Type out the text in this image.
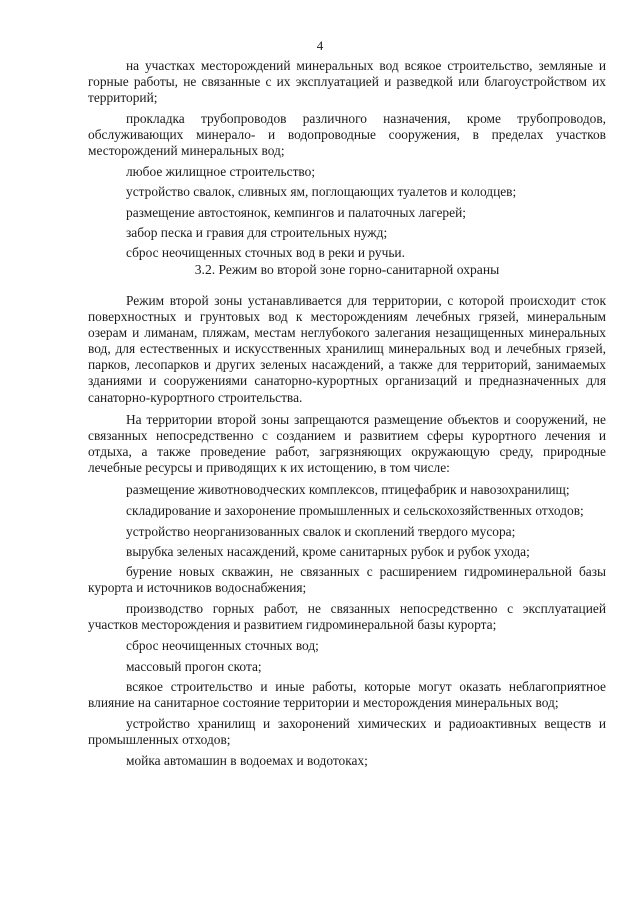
4

на участках месторождений минеральных вод всякое строительство, земляные и горные работы, не связанные с их эксплуатацией и разведкой или благоустройством их территорий;

прокладка трубопроводов различного назначения, кроме трубопроводов, обслуживающих минерало- и водопроводные сооружения, в пределах участков месторождений минеральных вод;

любое жилищное строительство;

устройство свалок, сливных ям, поглощающих туалетов и колодцев;

размещение автостоянок, кемпингов и палаточных лагерей;

забор песка и гравия для строительных нужд;

сброс неочищенных сточных вод в реки и ручьи.

3.2. Режим во второй зоне горно-санитарной охраны

Режим второй зоны устанавливается для территории, с которой происходит сток поверхностных и грунтовых вод к месторождениям лечебных грязей, минеральным озерам и лиманам, пляжам, местам неглубокого залегания незащищенных минеральных вод, для естественных и искусственных хранилищ минеральных вод и лечебных грязей, парков, лесопарков и других зеленых насаждений, а также для территорий, занимаемых зданиями и сооружениями санаторно-курортных организаций и предназначенных для санаторно-курортного строительства.

На территории второй зоны запрещаются размещение объектов и сооружений, не связанных непосредственно с созданием и развитием сферы курортного лечения и отдыха, а также проведение работ, загрязняющих окружающую среду, природные лечебные ресурсы и приводящих к их истощению, в том числе:

размещение животноводческих комплексов, птицефабрик и навозохранилищ;

складирование и захоронение промышленных и сельскохозяйственных отходов;

устройство неорганизованных свалок и скоплений твердого мусора;

вырубка зеленых насаждений, кроме санитарных рубок и рубок ухода;

бурение новых скважин, не связанных с расширением гидроминеральной базы курорта и источников водоснабжения;

производство горных работ, не связанных непосредственно с эксплуатацией участков месторождения и развитием гидроминеральной базы курорта;

сброс неочищенных сточных вод;

массовый прогон скота;

всякое строительство и иные работы, которые могут оказать неблагоприятное влияние на санитарное состояние территории и месторождения минеральных вод;

устройство хранилищ и захоронений химических и радиоактивных веществ и промышленных отходов;

мойка автомашин в водоемах и водотоках;
